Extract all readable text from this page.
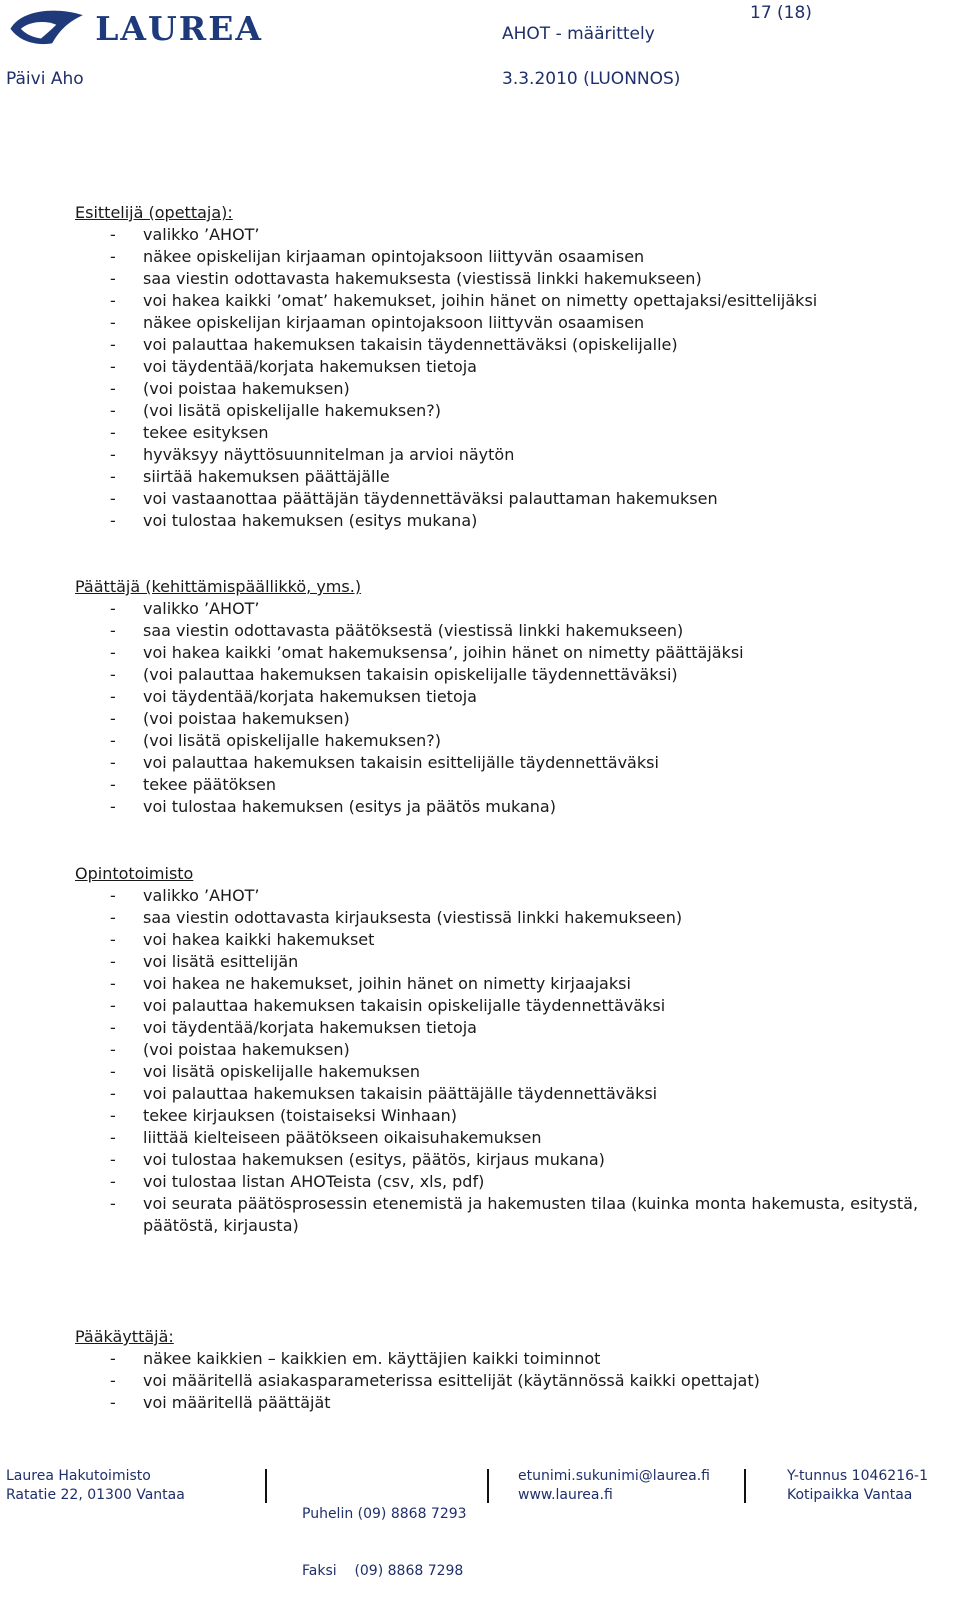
LAUREA	AHOT - määrittely
17 (18)
Päivi Aho	3.3.2010 (LUONNOS)
Esittelijä (opettaja):
- valikko ’AHOT’
- näkee opiskelijan kirjaaman opintojaksoon liittyvän osaamisen
- saa viestin odottavasta hakemuksesta (viestissä linkki hakemukseen)
- voi hakea kaikki ’omat’ hakemukset, joihin hänet on nimetty opettajaksi/esittelijäksi
- näkee opiskelijan kirjaaman opintojaksoon liittyvän osaamisen
- voi palauttaa hakemuksen takaisin täydennettäväksi (opiskelijalle)
- voi täydentää/korjata hakemuksen tietoja
- (voi poistaa hakemuksen)
- (voi lisätä opiskelijalle hakemuksen?)
- tekee esityksen
- hyväksyy näyttösuunnitelman ja arvioi näytön
- siirtää hakemuksen päättäjälle
- voi vastaanottaa päättäjän täydennettäväksi palauttaman hakemuksen
- voi tulostaa hakemuksen (esitys mukana)
Päättäjä (kehittämispäällikkö, yms.)
- valikko ’AHOT’
- saa viestin odottavasta päätöksestä (viestissä linkki hakemukseen)
- voi hakea kaikki ’omat hakemuksensa’, joihin hänet on nimetty päättäjäksi
- (voi palauttaa hakemuksen takaisin opiskelijalle täydennettäväksi)
- voi täydentää/korjata hakemuksen tietoja
- (voi poistaa hakemuksen)
- (voi lisätä opiskelijalle hakemuksen?)
- voi palauttaa hakemuksen takaisin esittelijälle täydennettäväksi
- tekee päätöksen
- voi tulostaa hakemuksen (esitys ja päätös mukana)
Opintotoimisto
- valikko ’AHOT’
- saa viestin odottavasta kirjauksesta (viestissä linkki hakemukseen)
- voi hakea kaikki hakemukset
- voi lisätä esittelijän
- voi hakea ne hakemukset, joihin hänet on nimetty kirjaajaksi
- voi palauttaa hakemuksen takaisin opiskelijalle täydennettäväksi
- voi täydentää/korjata hakemuksen tietoja
- (voi poistaa hakemuksen)
- voi lisätä opiskelijalle hakemuksen
- voi palauttaa hakemuksen takaisin päättäjälle täydennettäväksi
- tekee kirjauksen (toistaiseksi Winhaan)
- liittää kielteiseen päätökseen oikaisuhakemuksen
- voi tulostaa hakemuksen (esitys, päätös, kirjaus mukana)
- voi tulostaa listan AHOTeista (csv, xls, pdf)
- voi seurata päätösprosessin etenemistä ja hakemusten tilaa (kuinka monta hakemusta, esitystä, päätöstä, kirjausta)
Pääkäyttäjä:
- näkee kaikkien – kaikkien em. käyttäjien kaikki toiminnot
- voi määritellä asiakasparameterissa esittelijät (käytännössä kaikki opettajat)
- voi määritellä päättäjät
Laurea Hakutoimisto
Ratatie 22, 01300 Vantaa

Puhelin (09) 8868 7293

Faksi    (09) 8868 7298

etunimi.sukunimi@laurea.fi
www.laurea.fi
Y-tunnus 1046216-1
Kotipaikka Vantaa
